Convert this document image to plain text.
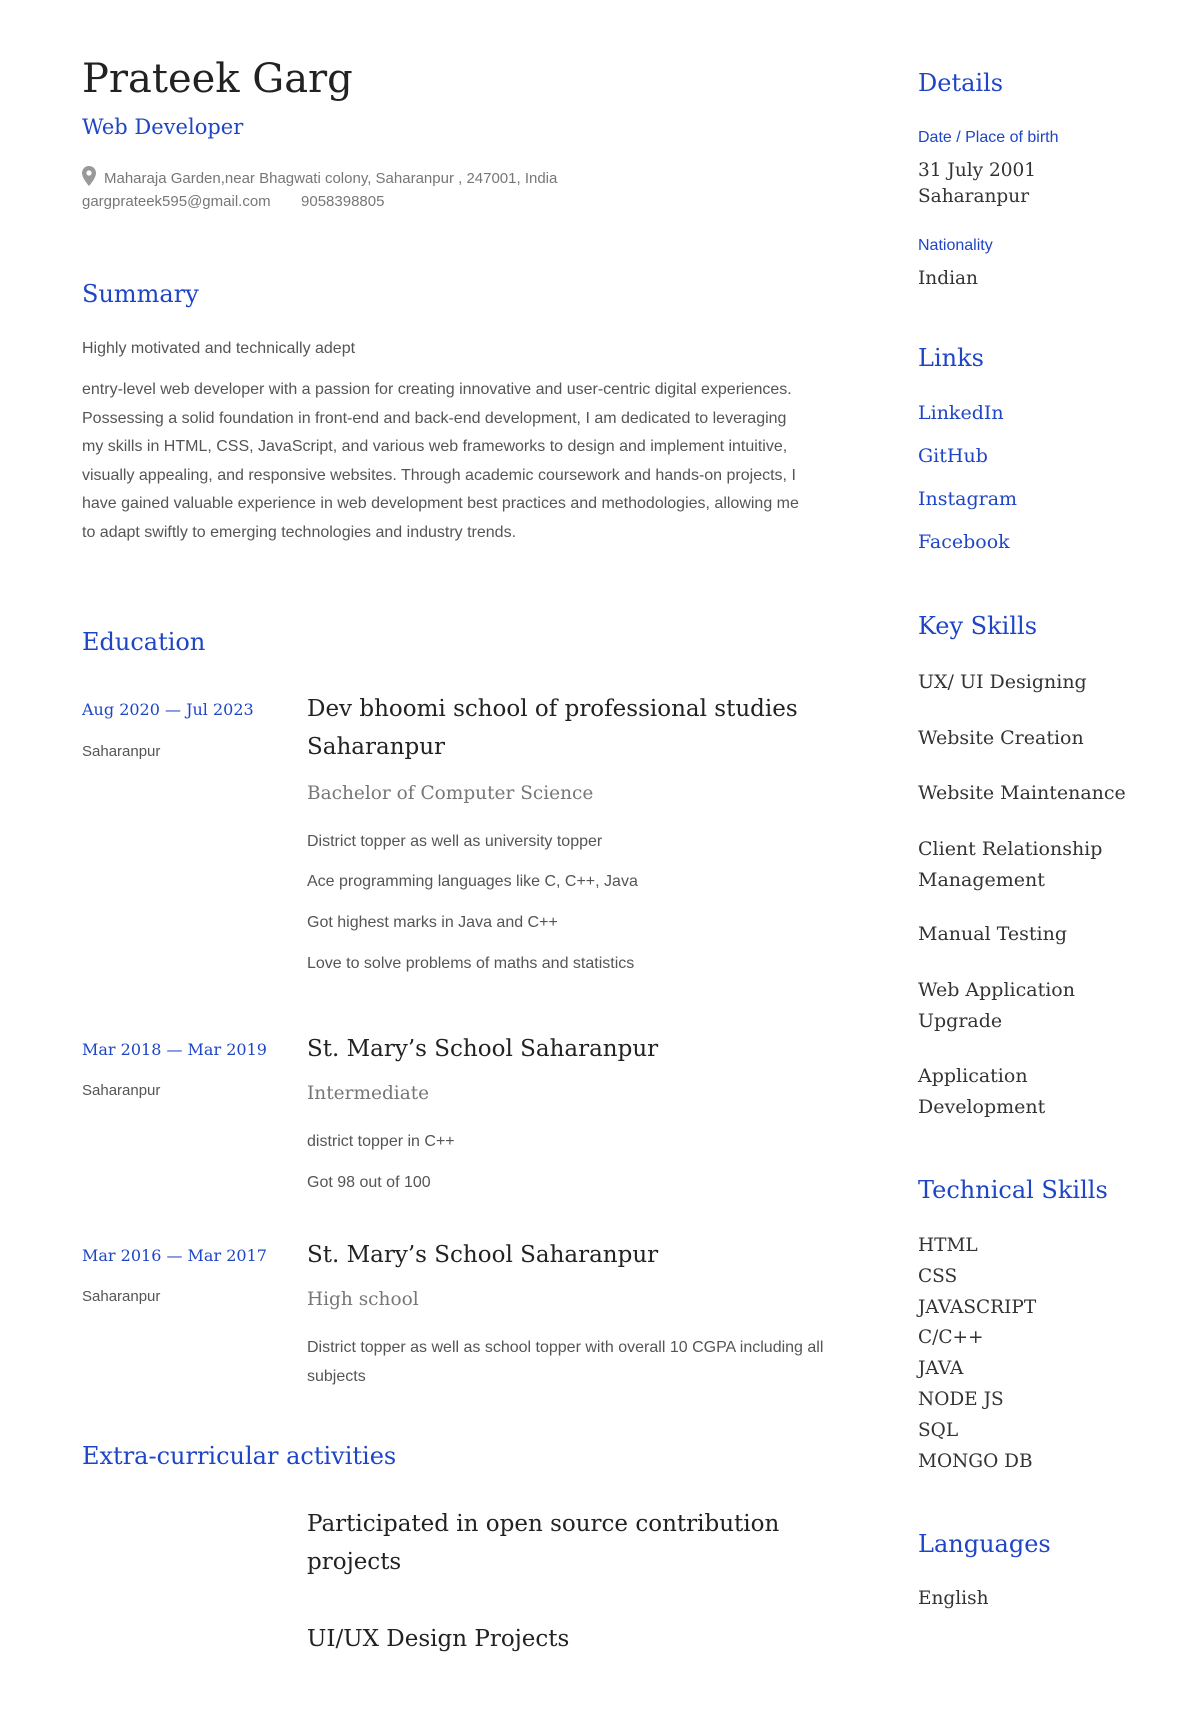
Prateek Garg
Web Developer
Maharaja Garden,near Bhagwati colony, Saharanpur , 247001, India
gargprateek595@gmail.com 9058398805
Summary
Highly motivated and technically adept
entry-level web developer with a passion for creating innovative and user-centric digital experiences. Possessing a solid foundation in front-end and back-end development, I am dedicated to leveraging my skills in HTML, CSS, JavaScript, and various web frameworks to design and implement intuitive, visually appealing, and responsive websites. Through academic coursework and hands-on projects, I have gained valuable experience in web development best practices and methodologies, allowing me to adapt swiftly to emerging technologies and industry trends.
Education
Aug 2020 — Jul 2023
Saharanpur
Dev bhoomi school of professional studies Saharanpur
Bachelor of Computer Science
District topper as well as university topper
Ace programming languages like C, C++, Java
Got highest marks in Java and C++
Love to solve problems of maths and statistics
Mar 2018 — Mar 2019
Saharanpur
St. Mary’s School Saharanpur
Intermediate
district topper in C++
Got 98 out of 100
Mar 2016 — Mar 2017
Saharanpur
St. Mary’s School Saharanpur
High school
District topper as well as school topper with overall 10 CGPA including all subjects
Extra-curricular activities
Participated in open source contribution projects
UI/UX Design Projects
Details
Date / Place of birth
31 July 2001
Saharanpur
Nationality
Indian
Links
LinkedIn
GitHub
Instagram
Facebook
Key Skills
UX/ UI Designing
Website Creation
Website Maintenance
Client Relationship Management
Manual Testing
Web Application Upgrade
Application Development
Technical Skills
HTML
CSS
JAVASCRIPT
C/C++
JAVA
NODE JS
SQL
MONGO DB
Languages
English
